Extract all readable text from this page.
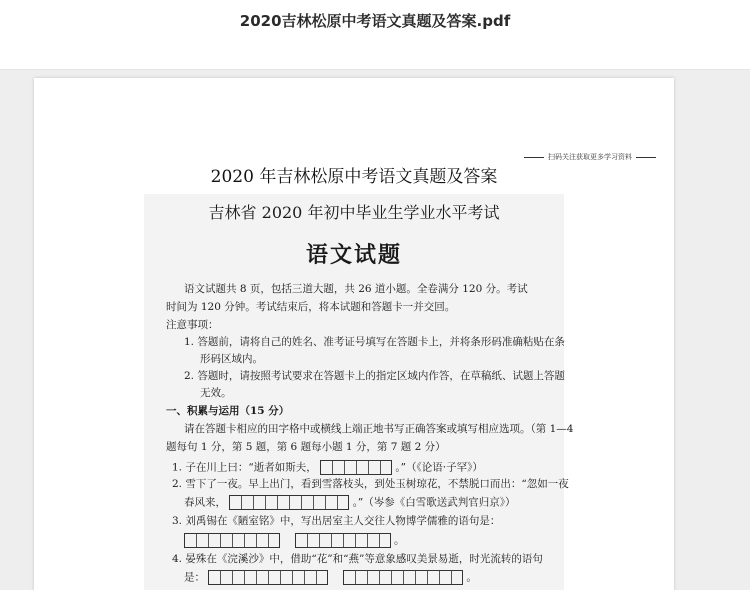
2020吉林松原中考语文真题及答案.pdf
扫码关注获取更多学习资料
2020 年吉林松原中考语文真题及答案
吉林省 2020 年初中毕业生学业水平考试
语文试题
语文试题共 8 页，包括三道大题，共 26 道小题。全卷满分 120 分。考试
时间为 120 分钟。考试结束后，将本试题和答题卡一并交回。
注意事项：
1. 答题前，请将自己的姓名、准考证号填写在答题卡上，并将条形码准确粘贴在条
形码区域内。
2. 答题时，请按照考试要求在答题卡上的指定区域内作答，在草稿纸、试题上答题
无效。
一、积累与运用（15 分）
请在答题卡相应的田字格中或横线上端正地书写正确答案或填写相应选项。（第 1—4
题每句 1 分，第 5 题，第 6 题每小题 1 分，第 7 题 2 分）
1. 子在川上曰：“逝者如斯夫，	。”（《论语·子罕》）
2. 雪下了一夜。早上出门，看到雪落枝头，到处玉树琼花，不禁脱口而出：“忽如一夜
春风来，	。”（岑参《白雪歌送武判官归京》）
3. 刘禹锡在《陋室铭》中，写出居室主人交往人物博学儒雅的语句是：
。
4. 晏殊在《浣溪沙》中，借助“花”和“燕”等意象感叹美景易逝，时光流转的语句
是：	。
